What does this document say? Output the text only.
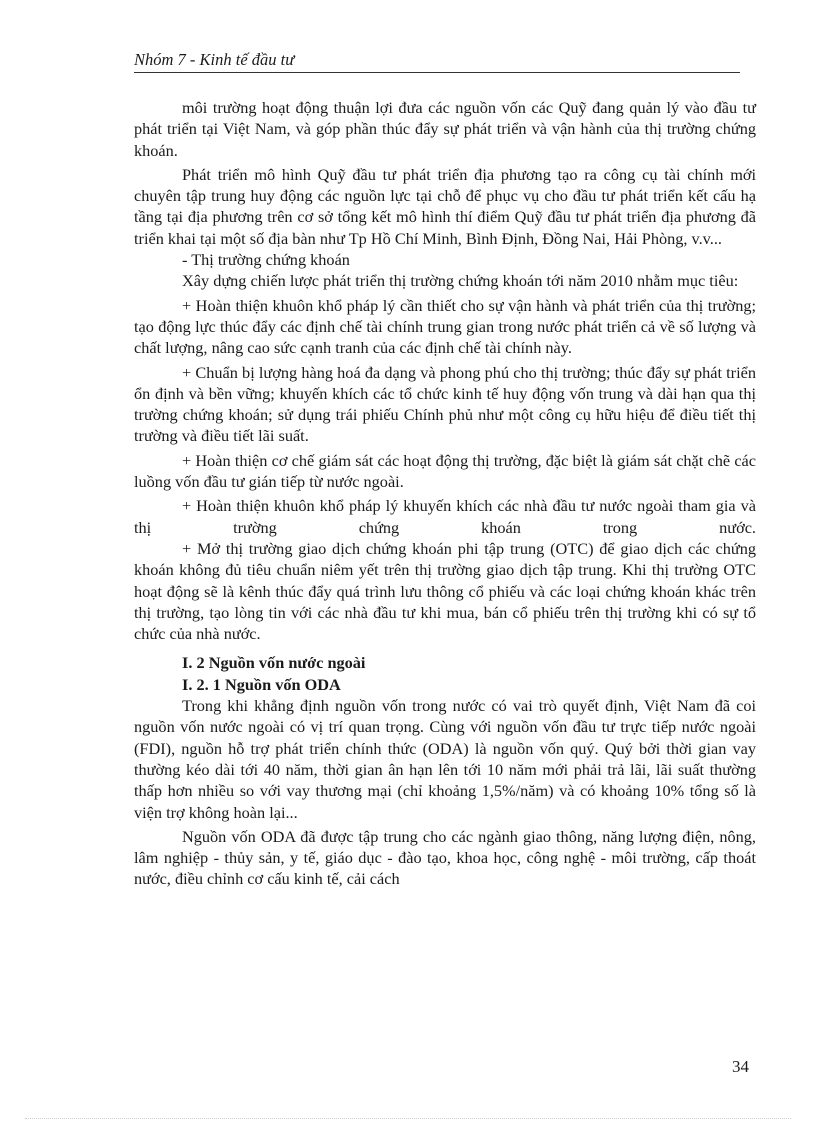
Nhóm 7 - Kinh tế đầu tư

môi trường hoạt động thuận lợi đưa các nguồn vốn các Quỹ đang quản lý vào đầu tư phát triển tại Việt Nam, và góp phần thúc đẩy sự phát triển và vận hành của thị trường chứng khoán.

Phát triển mô hình Quỹ đầu tư phát triển địa phương tạo ra công cụ tài chính mới chuyên tập trung huy động các nguồn lực tại chỗ để phục vụ cho đầu tư phát triển kết cấu hạ tầng tại địa phương trên cơ sở tổng kết mô hình thí điểm Quỹ đầu tư phát triển địa phương đã triển khai tại một số địa bàn như Tp Hồ Chí Minh, Bình Định, Đồng Nai, Hải Phòng, v.v...

- Thị trường chứng khoán

Xây dựng chiến lược phát triển thị trường chứng khoán tới năm 2010 nhằm mục tiêu:

+ Hoàn thiện khuôn khổ pháp lý cần thiết cho sự vận hành và phát triển của thị trường; tạo động lực thúc đẩy các định chế tài chính trung gian trong nước phát triển cả về số lượng và chất lượng, nâng cao sức cạnh tranh của các định chế tài chính này.

+ Chuẩn bị lượng hàng hoá đa dạng và phong phú cho thị trường; thúc đẩy sự phát triển ổn định và bền vững; khuyến khích các tổ chức kinh tế huy động vốn trung và dài hạn qua thị trường chứng khoán; sử dụng trái phiếu Chính phủ như một công cụ hữu hiệu để điều tiết thị trường và điều tiết lãi suất.

+ Hoàn thiện cơ chế giám sát các hoạt động thị trường, đặc biệt là giám sát chặt chẽ các luồng vốn đầu tư gián tiếp từ nước ngoài.

+ Hoàn thiện khuôn khổ pháp lý khuyến khích các nhà đầu tư nước ngoài tham gia và thị trường chứng khoán trong nước.

+ Mở thị trường giao dịch chứng khoán phi tập trung (OTC) để giao dịch các chứng khoán không đủ tiêu chuẩn niêm yết trên thị trường giao dịch tập trung. Khi thị trường OTC hoạt động sẽ là kênh thúc đẩy quá trình lưu thông cổ phiếu và các loại chứng khoán khác trên thị trường, tạo lòng tin với các nhà đầu tư khi mua, bán cổ phiếu trên thị trường khi có sự tổ chức của nhà nước.

I. 2 Nguồn vốn nước ngoài
I. 2. 1 Nguồn vốn ODA

Trong khi khẳng định nguồn vốn trong nước có vai trò quyết định, Việt Nam đã coi nguồn vốn nước ngoài có vị trí quan trọng. Cùng với nguồn vốn đầu tư trực tiếp nước ngoài (FDI), nguồn hỗ trợ phát triển chính thức (ODA) là nguồn vốn quý. Quý bởi thời gian vay thường kéo dài tới 40 năm, thời gian ân hạn lên tới 10 năm mới phải trả lãi, lãi suất thường thấp hơn nhiều so với vay thương mại (chỉ khoảng 1,5%/năm) và có khoảng 10% tổng số là viện trợ không hoàn lại...

Nguồn vốn ODA đã được tập trung cho các ngành giao thông, năng lượng điện, nông, lâm nghiệp - thủy sản, y tế, giáo dục - đào tạo, khoa học, công nghệ - môi trường, cấp thoát nước, điều chỉnh cơ cấu kinh tế, cải cách

34
